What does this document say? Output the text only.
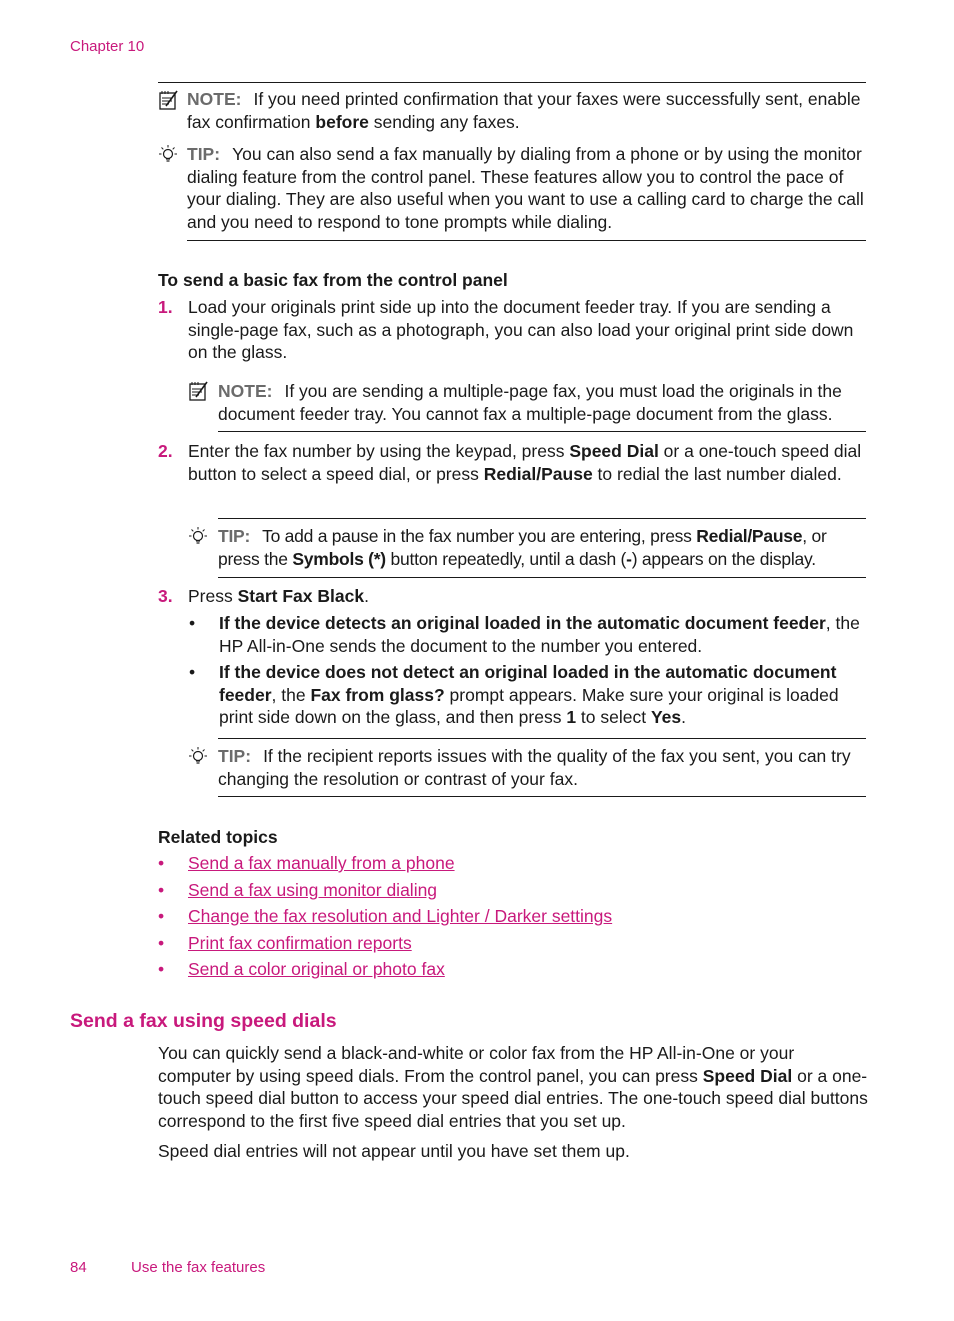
Chapter 10
NOTE: If you need printed confirmation that your faxes were successfully sent, enable fax confirmation before sending any faxes.
TIP: You can also send a fax manually by dialing from a phone or by using the monitor dialing feature from the control panel. These features allow you to control the pace of your dialing. They are also useful when you want to use a calling card to charge the call and you need to respond to tone prompts while dialing.
To send a basic fax from the control panel
1. Load your originals print side up into the document feeder tray. If you are sending a single-page fax, such as a photograph, you can also load your original print side down on the glass.
NOTE: If you are sending a multiple-page fax, you must load the originals in the document feeder tray. You cannot fax a multiple-page document from the glass.
2. Enter the fax number by using the keypad, press Speed Dial or a one-touch speed dial button to select a speed dial, or press Redial/Pause to redial the last number dialed.
TIP: To add a pause in the fax number you are entering, press Redial/Pause, or press the Symbols (*) button repeatedly, until a dash (-) appears on the display.
3. Press Start Fax Black.
• If the device detects an original loaded in the automatic document feeder, the HP All-in-One sends the document to the number you entered.
• If the device does not detect an original loaded in the automatic document feeder, the Fax from glass? prompt appears. Make sure your original is loaded print side down on the glass, and then press 1 to select Yes.
TIP: If the recipient reports issues with the quality of the fax you sent, you can try changing the resolution or contrast of your fax.
Related topics
• Send a fax manually from a phone
• Send a fax using monitor dialing
• Change the fax resolution and Lighter / Darker settings
• Print fax confirmation reports
• Send a color original or photo fax
Send a fax using speed dials
You can quickly send a black-and-white or color fax from the HP All-in-One or your computer by using speed dials. From the control panel, you can press Speed Dial or a one-touch speed dial button to access your speed dial entries. The one-touch speed dial buttons correspond to the first five speed dial entries that you set up.
Speed dial entries will not appear until you have set them up.
84	Use the fax features
